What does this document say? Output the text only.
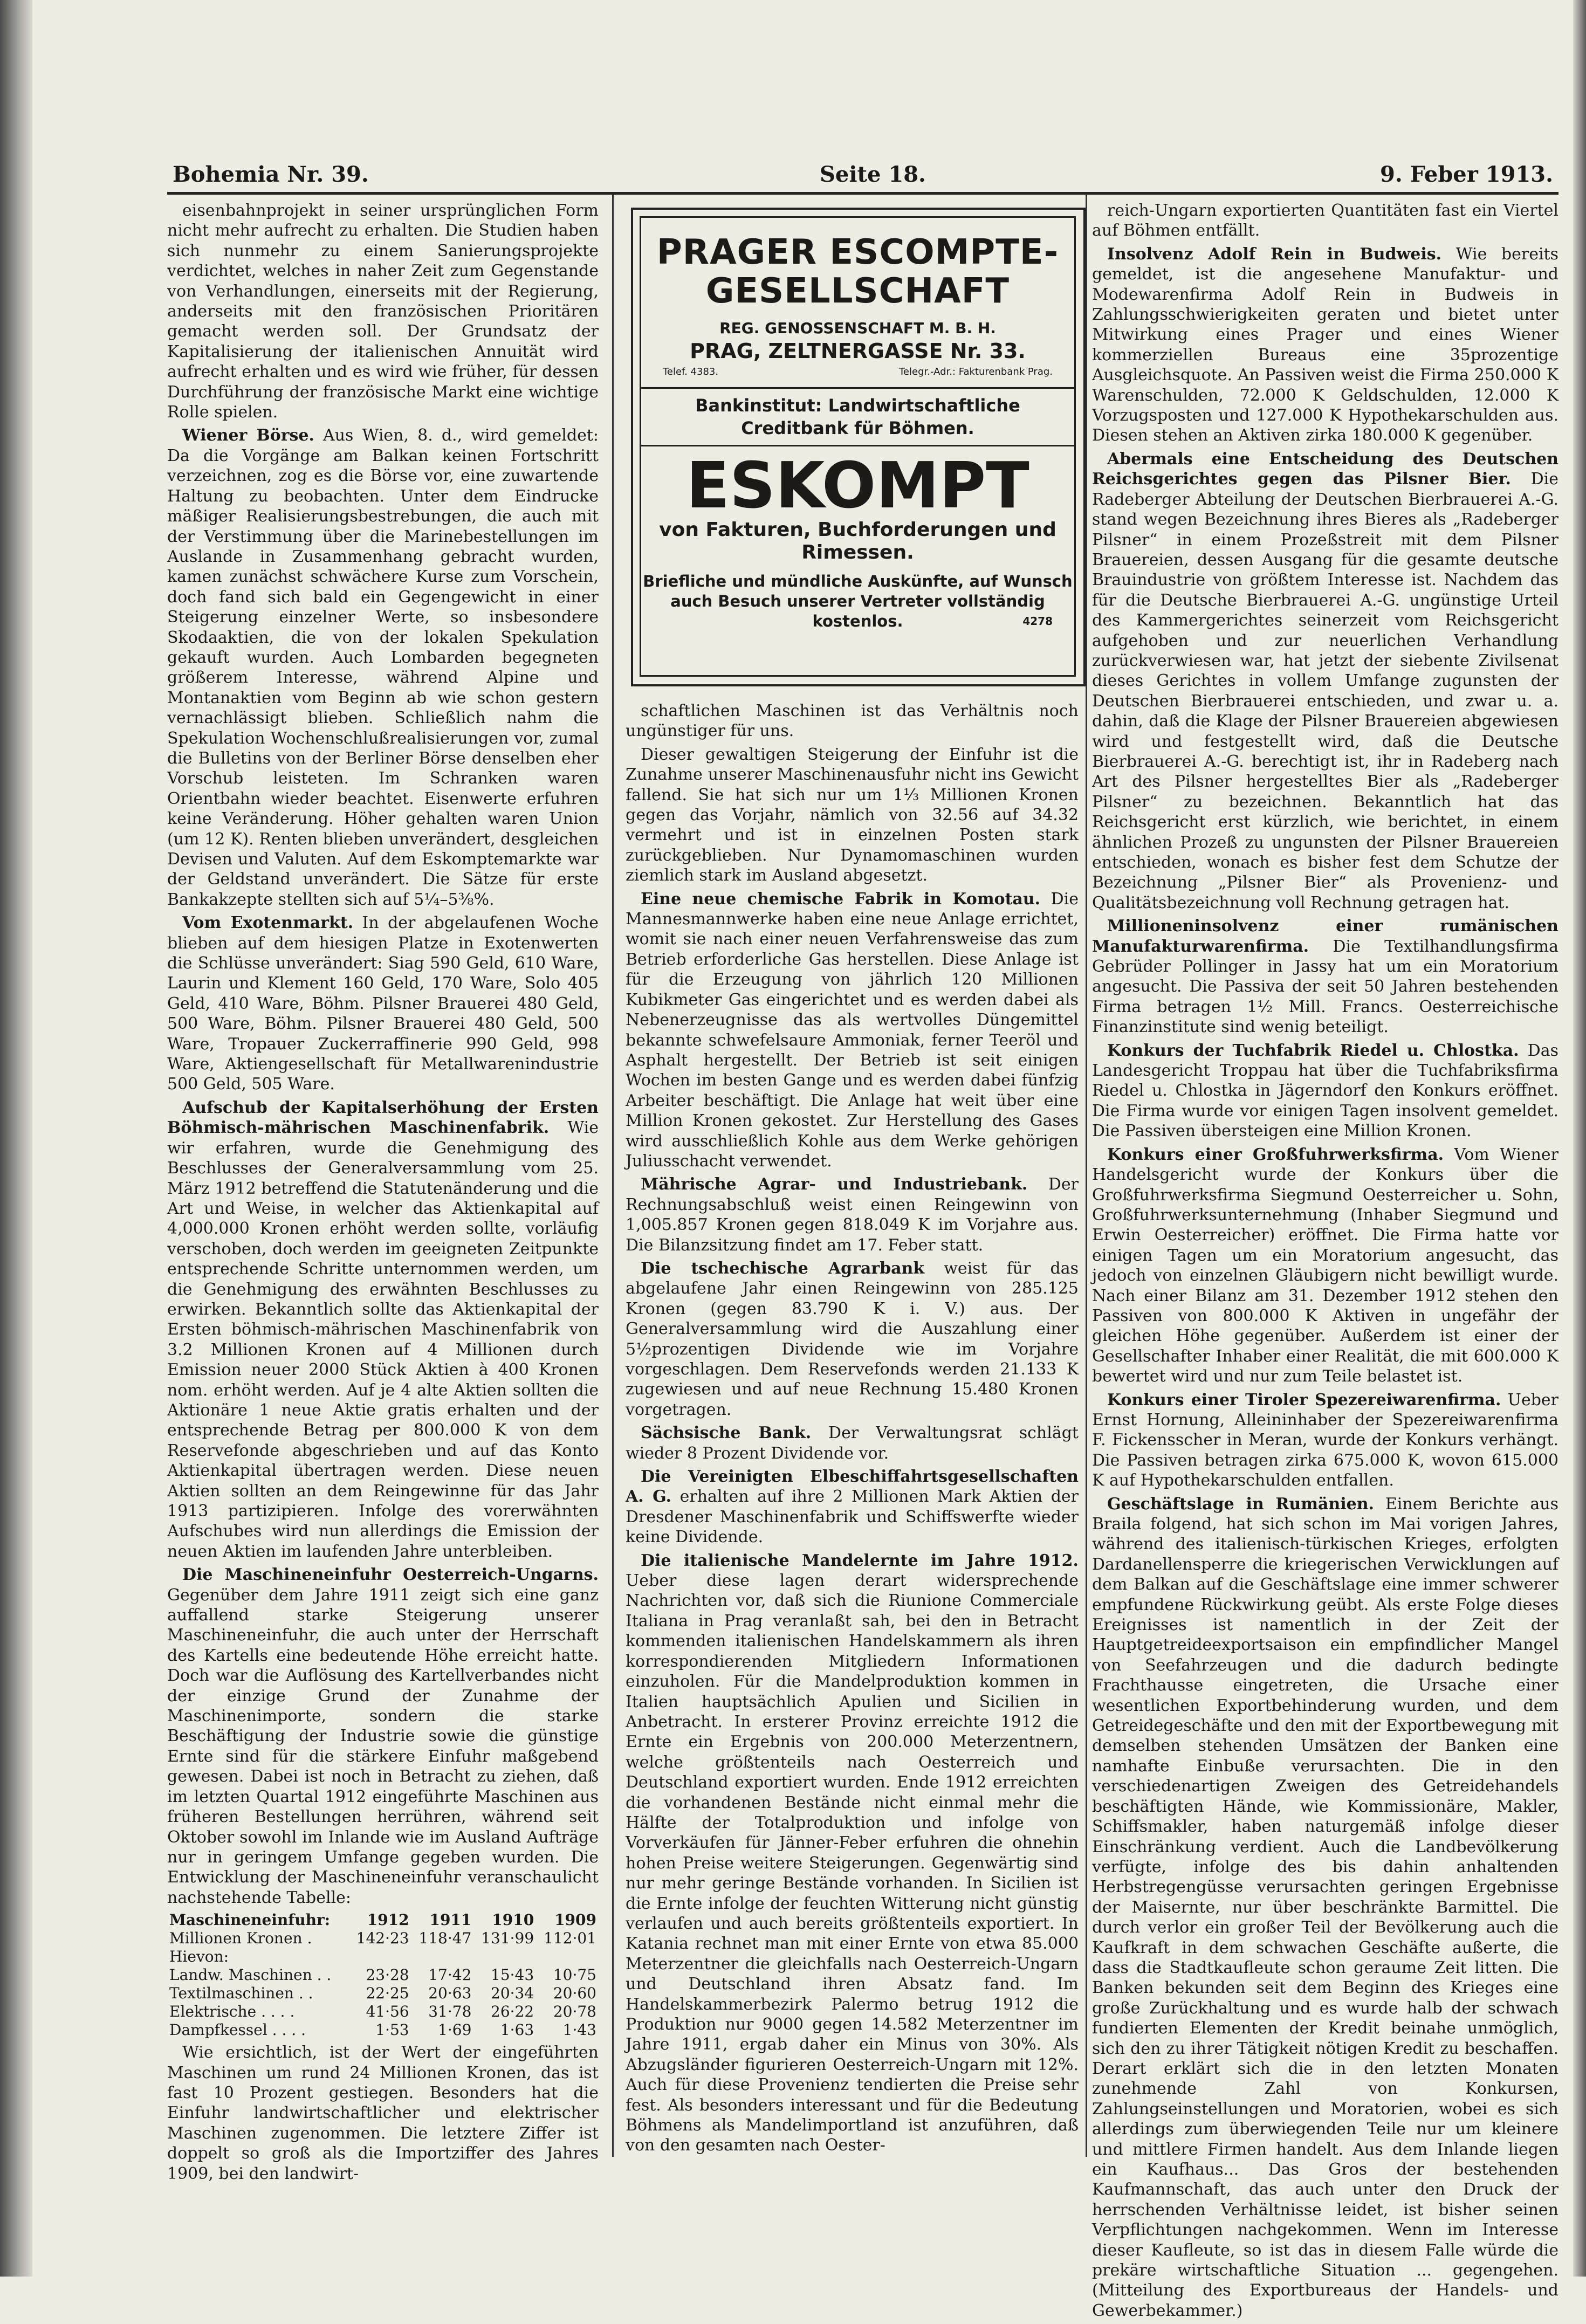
Bohemia Nr. 39.	Seite 18.	9. Feber 1913.

eisenbahnprojekt in seiner ursprünglichen Form nicht mehr aufrecht zu erhalten. Die Studien haben sich nunmehr zu einem Sanierungsprojekte verdichtet, welches in naher Zeit zum Gegenstande von Verhandlungen, einerseits mit der Regierung, anderseits mit den französischen Prioritären gemacht werden soll. Der Grundsatz der Kapitalisierung der italienischen Annuität wird aufrecht erhalten und es wird wie früher, für dessen Durchführung der französische Markt eine wichtige Rolle spielen.

Wiener Börse. Aus Wien, 8. d., wird gemeldet: Da die Vorgänge am Balkan keinen Fortschritt verzeichnen, zog es die Börse vor, eine zuwartende Haltung zu beobachten. Unter dem Eindrucke mäßiger Realisierungsbestrebungen, die auch mit der Verstimmung über die Marinebestellungen im Auslande in Zusammenhang gebracht wurden, kamen zunächst schwächere Kurse zum Vorschein, doch fand sich bald ein Gegengewicht in einer Steigerung einzelner Werte, so insbesondere Skodaaktien, die von der lokalen Spekulation gekauft wurden. Auch Lombarden begegneten größerem Interesse, während Alpine und Montanaktien vom Beginn ab wie schon gestern vernachlässigt blieben. Schließlich nahm die Spekulation Wochenschlußrealisierungen vor, zumal die Bulletins von der Berliner Börse denselben eher Vorschub leisteten. Im Schranken waren Orientbahn wieder beachtet. Eisenwerte erfuhren keine Veränderung. Höher gehalten waren Union (um 12 K). Renten blieben unverändert, desgleichen Devisen und Valuten. Auf dem Eskomptemarkte war der Geldstand unverändert. Die Sätze für erste Bankakzepte stellten sich auf 5¼–5⅜%.

Vom Exotenmarkt. In der abgelaufenen Woche blieben auf dem hiesigen Platze in Exotenwerten die Schlüsse unverändert: Siag 590 Geld, 610 Ware, Laurin und Klement 160 Geld, 170 Ware, Solo 405 Geld, 410 Ware, Böhm. Pilsner Brauerei 480 Geld, 500 Ware, Böhm. Pilsner Brauerei 480 Geld, 500 Ware, Tropauer Zuckerraffinerie 990 Geld, 998 Ware, Aktiengesellschaft für Metallwarenindustrie 500 Geld, 505 Ware.

Aufschub der Kapitalserhöhung der Ersten Böhmisch-mährischen Maschinenfabrik. Wie wir erfahren, wurde die Genehmigung des Beschlusses der Generalversammlung vom 25. März 1912 betreffend die Statutenänderung und die Art und Weise, in welcher das Aktienkapital auf 4,000.000 Kronen erhöht werden sollte, vorläufig verschoben, doch werden im geeigneten Zeitpunkte entsprechende Schritte unternommen werden, um die Genehmigung des erwähnten Beschlusses zu erwirken. Bekanntlich sollte das Aktienkapital der Ersten böhmisch-mährischen Maschinenfabrik von 3.2 Millionen Kronen auf 4 Millionen durch Emission neuer 2000 Stück Aktien à 400 Kronen nom. erhöht werden. Auf je 4 alte Aktien sollten die Aktionäre 1 neue Aktie gratis erhalten und der entsprechende Betrag per 800.000 K von dem Reservefonde abgeschrieben und auf das Konto Aktienkapital übertragen werden. Diese neuen Aktien sollten an dem Reingewinne für das Jahr 1913 partizipieren. Infolge des vorerwähnten Aufschubes wird nun allerdings die Emission der neuen Aktien im laufenden Jahre unterbleiben.

Die Maschineneinfuhr Oesterreich-Ungarns. Gegenüber dem Jahre 1911 zeigt sich eine ganz auffallend starke Steigerung unserer Maschineneinfuhr, die auch unter der Herrschaft des Kartells eine bedeutende Höhe erreicht hatte. Doch war die Auflösung des Kartellverbandes nicht der einzige Grund der Zunahme der Maschinenimporte, sondern die starke Beschäftigung der Industrie sowie die günstige Ernte sind für die stärkere Einfuhr maßgebend gewesen. Dabei ist noch in Betracht zu ziehen, daß im letzten Quartal 1912 eingeführte Maschinen aus früheren Bestellungen herrühren, während seit Oktober sowohl im Inlande wie im Ausland Aufträge nur in geringem Umfange gegeben wurden. Die Entwicklung der Maschineneinfuhr veranschaulicht nachstehende Tabelle:

Maschineneinfuhr:	1912	1911	1910	1909
Millionen Kronen .	142·23	118·47	131·99	112·01
Hievon:				
Landw. Maschinen . .	23·28	17·42	15·43	10·75
Textilmaschinen . .	22·25	20·63	20·34	20·60
Elektrische . . . .	41·56	31·78	26·22	20·78
Dampfkessel . . . .	1·53	1·69	1·63	1·43

Wie ersichtlich, ist der Wert der eingeführten Maschinen um rund 24 Millionen Kronen, das ist fast 10 Prozent gestiegen. Besonders hat die Einfuhr landwirtschaftlicher und elektrischer Maschinen zugenommen. Die letztere Ziffer ist doppelt so groß als die Importziffer des Jahres 1909, bei den landwirt-

PRAGER ESCOMPTE-GESELLSCHAFT
REG. GENOSSENSCHAFT M. B. H.
PRAG, ZELTNERGASSE Nr. 33.
Telef. 4383.	Telegr.-Adr.: Fakturenbank Prag.
Bankinstitut: Landwirtschaftliche Creditbank für Böhmen.
ESKOMPT
von Fakturen, Buchforderungen und Rimessen.
Briefliche und mündliche Auskünfte, auf Wunsch auch Besuch unserer Vertreter vollständig kostenlos.	4278

schaftlichen Maschinen ist das Verhältnis noch ungünstiger für uns.

Dieser gewaltigen Steigerung der Einfuhr ist die Zunahme unserer Maschinenausfuhr nicht ins Gewicht fallend. Sie hat sich nur um 1⅓ Millionen Kronen gegen das Vorjahr, nämlich von 32.56 auf 34.32 vermehrt und ist in einzelnen Posten stark zurückgeblieben. Nur Dynamomaschinen wurden ziemlich stark im Ausland abgesetzt.

Eine neue chemische Fabrik in Komotau. Die Mannesmannwerke haben eine neue Anlage errichtet, womit sie nach einer neuen Verfahrensweise das zum Betrieb erforderliche Gas herstellen. Diese Anlage ist für die Erzeugung von jährlich 120 Millionen Kubikmeter Gas eingerichtet und es werden dabei als Nebenerzeugnisse das als wertvolles Düngemittel bekannte schwefelsaure Ammoniak, ferner Teeröl und Asphalt hergestellt. Der Betrieb ist seit einigen Wochen im besten Gange und es werden dabei fünfzig Arbeiter beschäftigt. Die Anlage hat weit über eine Million Kronen gekostet. Zur Herstellung des Gases wird ausschließlich Kohle aus dem Werke gehörigen Juliusschacht verwendet.

Mährische Agrar- und Industriebank. Der Rechnungsabschluß weist einen Reingewinn von 1,005.857 Kronen gegen 818.049 K im Vorjahre aus. Die Bilanzsitzung findet am 17. Feber statt.

Die tschechische Agrarbank weist für das abgelaufene Jahr einen Reingewinn von 285.125 Kronen (gegen 83.790 K i. V.) aus. Der Generalversammlung wird die Auszahlung einer 5½prozentigen Dividende wie im Vorjahre vorgeschlagen. Dem Reservefonds werden 21.133 K zugewiesen und auf neue Rechnung 15.480 Kronen vorgetragen.

Sächsische Bank. Der Verwaltungsrat schlägt wieder 8 Prozent Dividende vor.

Die Vereinigten Elbeschiffahrtsgesellschaften A. G. erhalten auf ihre 2 Millionen Mark Aktien der Dresdener Maschinenfabrik und Schiffswerfte wieder keine Dividende.

Die italienische Mandelernte im Jahre 1912. Ueber diese lagen derart widersprechende Nachrichten vor, daß sich die Riunione Commerciale Italiana in Prag veranlaßt sah, bei den in Betracht kommenden italienischen Handelskammern als ihren korrespondierenden Mitgliedern Informationen einzuholen. Für die Mandelproduktion kommen in Italien hauptsächlich Apulien und Sicilien in Anbetracht. In ersterer Provinz erreichte 1912 die Ernte ein Ergebnis von 200.000 Meterzentnern, welche größtenteils nach Oesterreich und Deutschland exportiert wurden. Ende 1912 erreichten die vorhandenen Bestände nicht einmal mehr die Hälfte der Totalproduktion und infolge von Vorverkäufen für Jänner-Feber erfuhren die ohnehin hohen Preise weitere Steigerungen. Gegenwärtig sind nur mehr geringe Bestände vorhanden. In Sicilien ist die Ernte infolge der feuchten Witterung nicht günstig verlaufen und auch bereits größtenteils exportiert. In Katania rechnet man mit einer Ernte von etwa 85.000 Meterzentner die gleichfalls nach Oesterreich-Ungarn und Deutschland ihren Absatz fand. Im Handelskammerbezirk Palermo betrug 1912 die Produktion nur 9000 gegen 14.582 Meterzentner im Jahre 1911, ergab daher ein Minus von 30%. Als Abzugsländer figurieren Oesterreich-Ungarn mit 12%. Auch für diese Provenienz tendierten die Preise sehr fest. Als besonders interessant und für die Bedeutung Böhmens als Mandelimportland ist anzuführen, daß von den gesamten nach Oester-

reich-Ungarn exportierten Quantitäten fast ein Viertel auf Böhmen entfällt.

Insolvenz Adolf Rein in Budweis. Wie bereits gemeldet, ist die angesehene Manufaktur- und Modewarenfirma Adolf Rein in Budweis in Zahlungsschwierigkeiten geraten und bietet unter Mitwirkung eines Prager und eines Wiener kommerziellen Bureaus eine 35prozentige Ausgleichsquote. An Passiven weist die Firma 250.000 K Warenschulden, 72.000 K Geldschulden, 12.000 K Vorzugsposten und 127.000 K Hypothekarschulden aus. Diesen stehen an Aktiven zirka 180.000 K gegenüber.

Abermals eine Entscheidung des Deutschen Reichsgerichtes gegen das Pilsner Bier. Die Radeberger Abteilung der Deutschen Bierbrauerei A.-G. stand wegen Bezeichnung ihres Bieres als „Radeberger Pilsner“ in einem Prozeßstreit mit dem Pilsner Brauereien, dessen Ausgang für die gesamte deutsche Brauindustrie von größtem Interesse ist. Nachdem das für die Deutsche Bierbrauerei A.-G. ungünstige Urteil des Kammergerichtes seinerzeit vom Reichsgericht aufgehoben und zur neuerlichen Verhandlung zurückverwiesen war, hat jetzt der siebente Zivilsenat dieses Gerichtes in vollem Umfange zugunsten der Deutschen Bierbrauerei entschieden, und zwar u. a. dahin, daß die Klage der Pilsner Brauereien abgewiesen wird und festgestellt wird, daß die Deutsche Bierbrauerei A.-G. berechtigt ist, ihr in Radeberg nach Art des Pilsner hergestelltes Bier als „Radeberger Pilsner“ zu bezeichnen. Bekanntlich hat das Reichsgericht erst kürzlich, wie berichtet, in einem ähnlichen Prozeß zu ungunsten der Pilsner Brauereien entschieden, wonach es bisher fest dem Schutze der Bezeichnung „Pilsner Bier“ als Provenienz- und Qualitätsbezeichnung voll Rechnung getragen hat.

Millioneninsolvenz einer rumänischen Manufakturwarenfirma. Die Textilhandlungsfirma Gebrüder Pollinger in Jassy hat um ein Moratorium angesucht. Die Passiva der seit 50 Jahren bestehenden Firma betragen 1½ Mill. Francs. Oesterreichische Finanzinstitute sind wenig beteiligt.

Konkurs der Tuchfabrik Riedel u. Chlostka. Das Landesgericht Troppau hat über die Tuchfabriksfirma Riedel u. Chlostka in Jägerndorf den Konkurs eröffnet. Die Firma wurde vor einigen Tagen insolvent gemeldet. Die Passiven übersteigen eine Million Kronen.

Konkurs einer Großfuhrwerksfirma. Vom Wiener Handelsgericht wurde der Konkurs über die Großfuhrwerksfirma Siegmund Oesterreicher u. Sohn, Großfuhrwerksunternehmung (Inhaber Siegmund und Erwin Oesterreicher) eröffnet. Die Firma hatte vor einigen Tagen um ein Moratorium angesucht, das jedoch von einzelnen Gläubigern nicht bewilligt wurde. Nach einer Bilanz am 31. Dezember 1912 stehen den Passiven von 800.000 K Aktiven in ungefähr der gleichen Höhe gegenüber. Außerdem ist einer der Gesellschafter Inhaber einer Realität, die mit 600.000 K bewertet wird und nur zum Teile belastet ist.

Konkurs einer Tiroler Spezereiwarenfirma. Ueber Ernst Hornung, Alleininhaber der Spezereiwarenfirma F. Fickensscher in Meran, wurde der Konkurs verhängt. Die Passiven betragen zirka 675.000 K, wovon 615.000 K auf Hypothekarschulden entfallen.

Geschäftslage in Rumänien. Einem Berichte aus Braila folgend, hat sich schon im Mai vorigen Jahres, während des italienisch-türkischen Krieges, erfolgten Dardanellensperre die kriegerischen Verwicklungen auf dem Balkan auf die Geschäftslage eine immer schwerer empfundene Rückwirkung geübt. Als erste Folge dieses Ereignisses ist namentlich in der Zeit der Hauptgetreideexportsaison ein empfindlicher Mangel von Seefahrzeugen und die dadurch bedingte Frachthausse eingetreten, die Ursache einer wesentlichen Exportbehinderung wurden, und dem Getreidegeschäfte und den mit der Exportbewegung mit demselben stehenden Umsätzen der Banken eine namhafte Einbuße verursachten. Die in den verschiedenartigen Zweigen des Getreidehandels beschäftigten Hände, wie Kommissionäre, Makler, Schiffsmakler, haben naturgemäß infolge dieser Einschränkung verdient. Auch die Landbevölkerung verfügte, infolge des bis dahin anhaltenden Herbstregengüsse verursachten geringen Ergebnisse der Maisernte, nur über beschränkte Barmittel. Die durch verlor ein großer Teil der Bevölkerung auch die Kaufkraft in dem schwachen Geschäfte außerte, die dass die Stadtkaufleute schon geraume Zeit litten. Die Banken bekunden seit dem Beginn des Krieges eine große Zurückhaltung und es wurde halb der schwach fundierten Elementen der Kredit beinahe unmöglich, sich den zu ihrer Tätigkeit nötigen Kredit zu beschaffen. Derart erklärt sich die in den letzten Monaten zunehmende Zahl von Konkursen, Zahlungseinstellungen und Moratorien, wobei es sich allerdings zum überwiegenden Teile nur um kleinere und mittlere Firmen handelt. Aus dem Inlande liegen ein Kaufhaus... Das Gros der bestehenden Kaufmannschaft, das auch unter den Druck der herrschenden Verhältnisse leidet, ist bisher seinen Verpflichtungen nachgekommen. Wenn im Interesse dieser Kaufleute, so ist das in diesem Falle würde die prekäre wirtschaftliche Situation ... gegengehen. (Mitteilung des Exportbureaus der Handels- und Gewerbekammer.)
